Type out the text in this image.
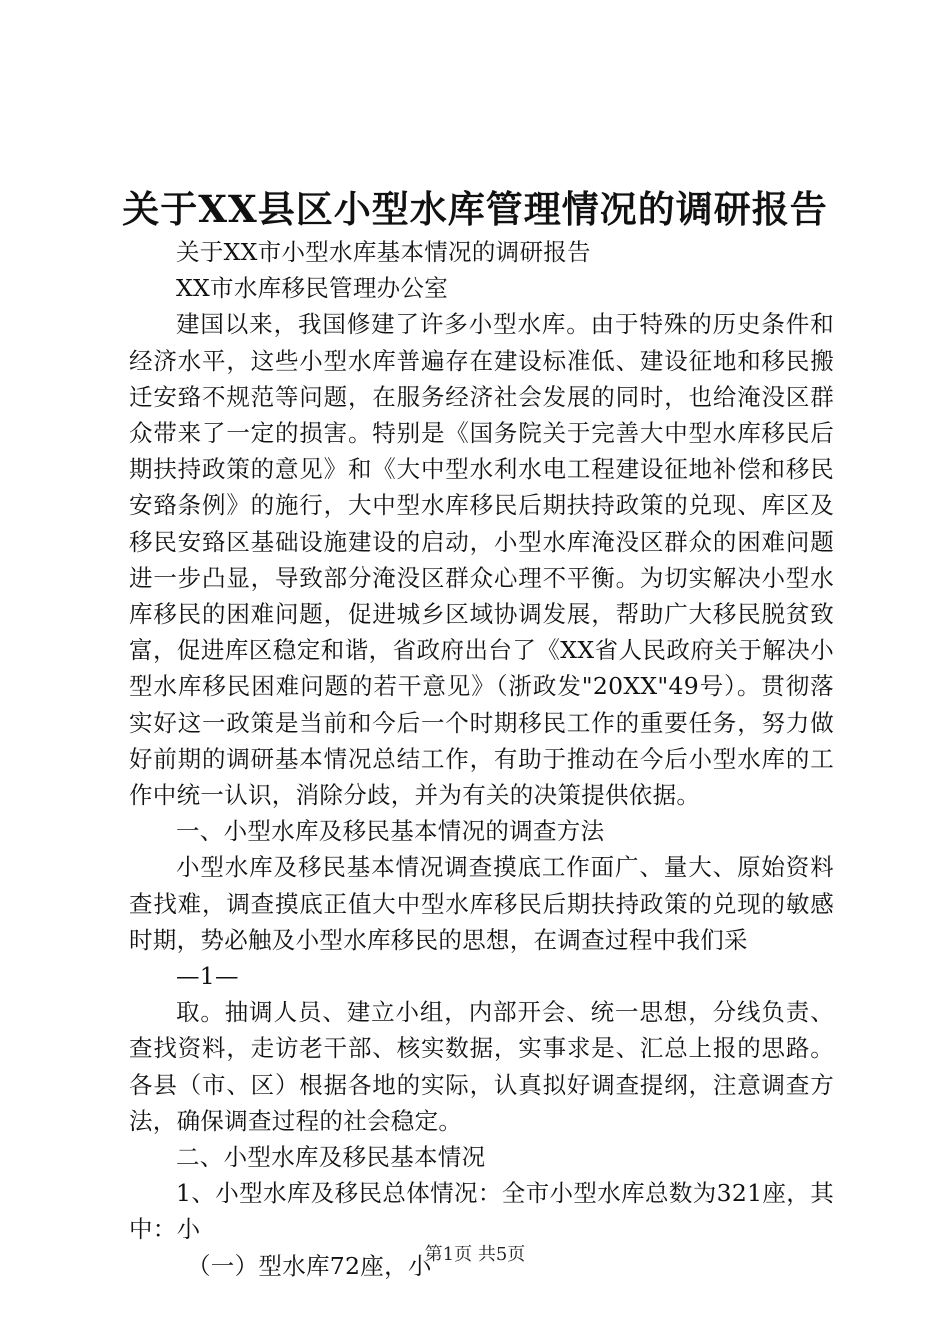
关于XX县区小型水库管理情况的调研报告

关于XX市小型水库基本情况的调研报告

XX市水库移民管理办公室

建国以来，我国修建了许多小型水库。由于特殊的历史条件和经济水平，这些小型水库普遍存在建设标准低、建设征地和移民搬迁安臵不规范等问题，在服务经济社会发展的同时，也给淹没区群众带来了一定的损害。特别是《国务院关于完善大中型水库移民后期扶持政策的意见》和《大中型水利水电工程建设征地补偿和移民安臵条例》的施行，大中型水库移民后期扶持政策的兑现、库区及移民安臵区基础设施建设的启动，小型水库淹没区群众的困难问题进一步凸显，导致部分淹没区群众心理不平衡。为切实解决小型水库移民的困难问题，促进城乡区域协调发展，帮助广大移民脱贫致富，促进库区稳定和谐，省政府出台了《XX省人民政府关于解决小型水库移民困难问题的若干意见》（浙政发"20XX"49号）。贯彻落实好这一政策是当前和今后一个时期移民工作的重要任务，努力做好前期的调研基本情况总结工作，有助于推动在今后小型水库的工作中统一认识，消除分歧，并为有关的决策提供依据。

一、小型水库及移民基本情况的调查方法

小型水库及移民基本情况调查摸底工作面广、量大、原始资料查找难，调查摸底正值大中型水库移民后期扶持政策的兑现的敏感时期，势必触及小型水库移民的思想，在调查过程中我们采

—1—

取。抽调人员、建立小组，内部开会、统一思想，分线负责、查找资料，走访老干部、核实数据，实事求是、汇总上报的思路。各县（市、区）根据各地的实际，认真拟好调查提纲，注意调查方法，确保调查过程的社会稳定。

二、小型水库及移民基本情况

1、小型水库及移民总体情况：全市小型水库总数为321座，其中：小

（一）型水库72座，小

第1页 共5页
